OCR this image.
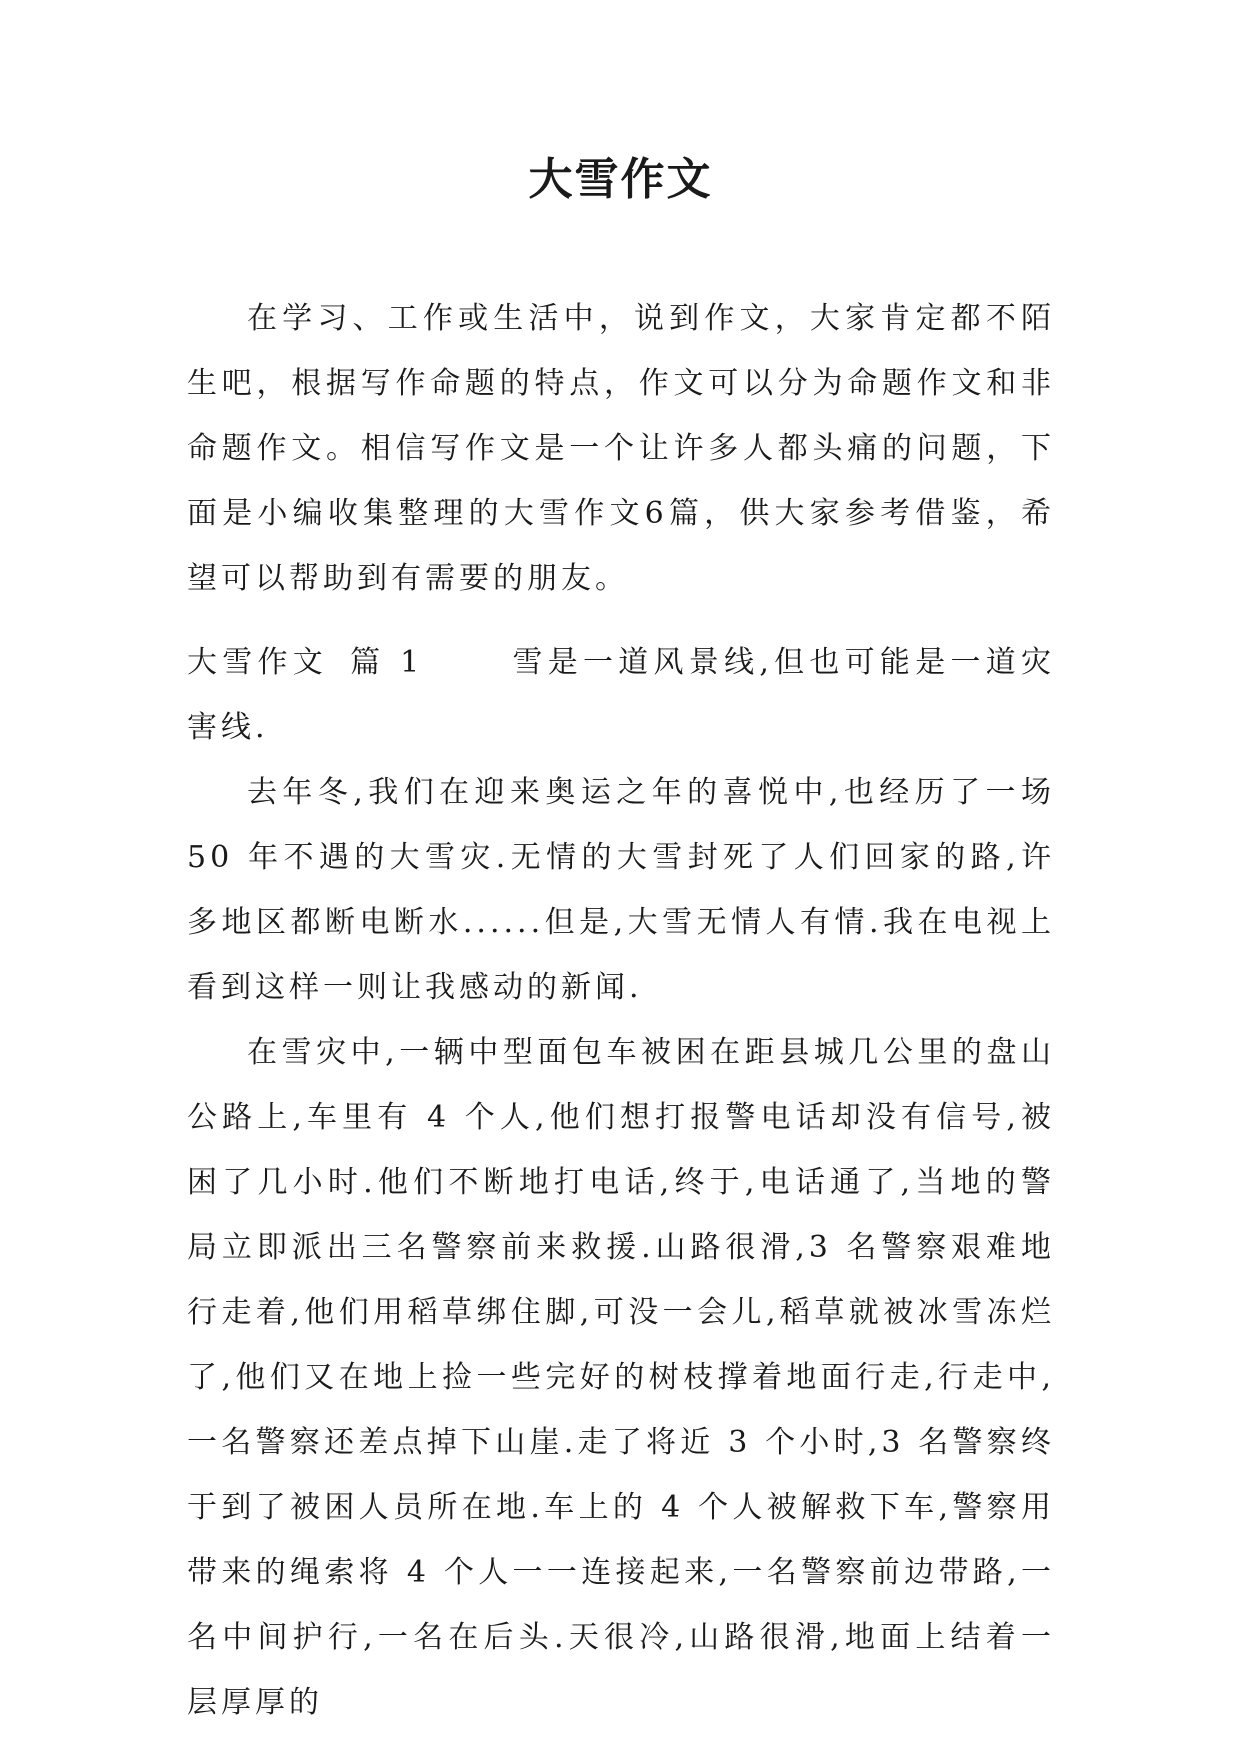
大雪作文

在学习、工作或生活中，说到作文，大家肯定都不陌生吧，根据写作命题的特点，作文可以分为命题作文和非命题作文。相信写作文是一个让许多人都头痛的问题，下面是小编收集整理的大雪作文6篇，供大家参考借鉴，希望可以帮助到有需要的朋友。

大雪作文 篇 1	雪是一道风景线,但也可能是一道灾害线.

去年冬,我们在迎来奥运之年的喜悦中,也经历了一场 50 年不遇的大雪灾.无情的大雪封死了人们回家的路,许多地区都断电断水......但是,大雪无情人有情.我在电视上看到这样一则让我感动的新闻.

在雪灾中,一辆中型面包车被困在距县城几公里的盘山公路上,车里有 4 个人,他们想打报警电话却没有信号,被困了几小时.他们不断地打电话,终于,电话通了,当地的警局立即派出三名警察前来救援.山路很滑,3 名警察艰难地行走着,他们用稻草绑住脚,可没一会儿,稻草就被冰雪冻烂了,他们又在地上捡一些完好的树枝撑着地面行走,行走中,一名警察还差点掉下山崖.走了将近 3 个小时,3 名警察终于到了被困人员所在地.车上的 4 个人被解救下车,警察用带来的绳索将 4 个人一一连接起来,一名警察前边带路,一名中间护行,一名在后头.天很冷,山路很滑,地面上结着一层厚厚的
